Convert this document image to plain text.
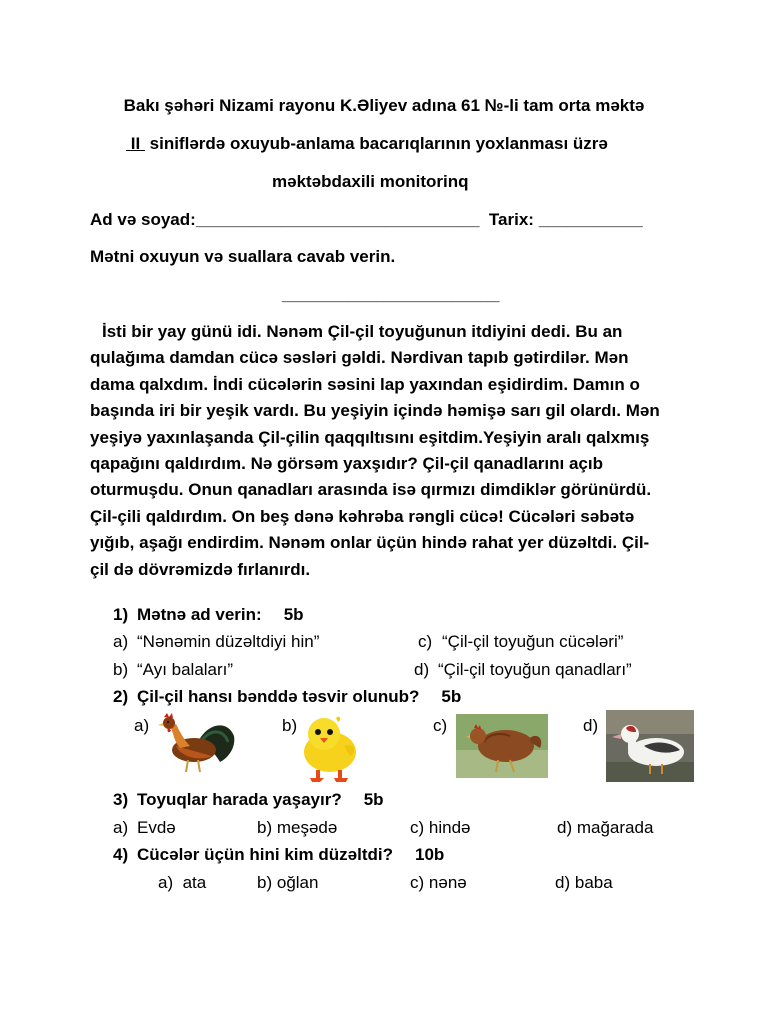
Bakı şəhəri Nizami rayonu K.Əliyev adına 61 №-li tam orta məktə
II  siniflərdə oxuyub-anlama bacarıqlarının yoxlanması üzrə
məktəbdaxili monitorinq
Ad və soyad:______________________________ Tarix: ___________
Mətni oxuyun və suallara cavab verin.
_______________________
İsti bir yay günü idi. Nənəm Çil-çil toyuğunun itdiyini dedi. Bu an
qulağıma damdan cücə səsləri gəldi. Nərdivan tapıb gətirdilər. Mən
dama qalxdım. İndi cücələrin səsini lap yaxından eşidirdim. Damın o
başında iri bir yeşik vardı. Bu yeşiyin içində həmişə sarı gil olardı. Mən
yeşiyə yaxınlaşanda Çil-çilin qaqqıltısını eşitdim.Yeşiyin aralı qalxmış
qapağını qaldırdım. Nə görsəm yaxşıdır? Çil-çil qanadlarını açıb
oturmuşdu. Onun qanadları arasında isə qırmızı dimdiklər görünürdü.
Çil-çili qaldırdım. On beş dənə kəhrəba rəngli cücə! Cücələri səbətə
yığıb, aşağı endirdim. Nənəm onlar üçün hində rahat yer düzəltdi. Çil-
çil də dövrəmizdə fırlanırdı.
1) Mətnə ad verin: 5b
a) “Nənəmin düzəltdiyi hin”	c) “Çil-çil toyuğun cücələri”
b) “Ayı balaları”	d) “Çil-çil toyuğun qanadları”
2) Çil-çil hansı bənddə təsvir olunub? 5b
a)	b)	c)	d)
3) Toyuqlar harada yaşayır? 5b
a) Evdə	b) meşədə	c) hində	d) mağarada
4) Cücələr üçün hini kim düzəltdi? 10b
a) ata	b) oğlan	c) nənə	d) baba
